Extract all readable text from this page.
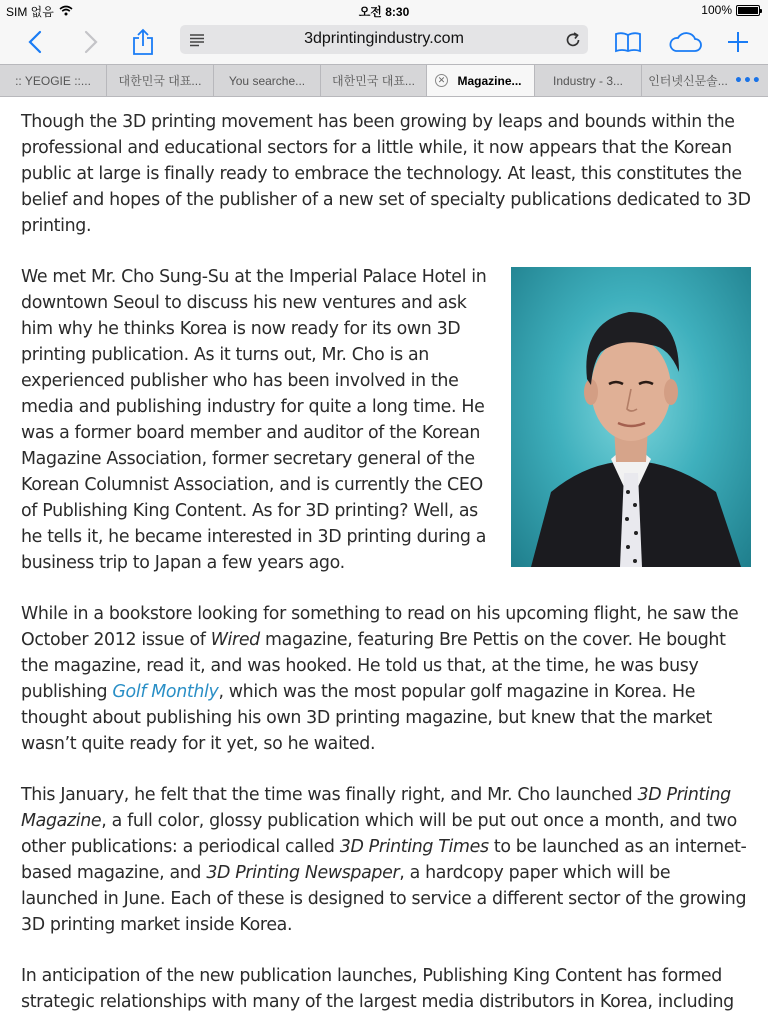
SIM 없음	오전 8:30	100%
3dprintingindustry.com
:: YEOGIE ::... 대한민국 대표... You searche... 대한민국 대표...	✕ Magazine...	Industry - 3... 인터넷신문솔... •••

Though the 3D printing movement has been growing by leaps and bounds within the professional and educational sectors for a little while, it now appears that the Korean public at large is finally ready to embrace the technology. At least, this constitutes the belief and hopes of the publisher of a new set of specialty publications dedicated to 3D printing.

We met Mr. Cho Sung-Su at the Imperial Palace Hotel in downtown Seoul to discuss his new ventures and ask him why he thinks Korea is now ready for its own 3D printing publication. As it turns out, Mr. Cho is an experienced publisher who has been involved in the media and publishing industry for quite a long time. He was a former board member and auditor of the Korean Magazine Association, former secretary general of the Korean Columnist Association, and is currently the CEO of Publishing King Content. As for 3D printing? Well, as he tells it, he became interested in 3D printing during a business trip to Japan a few years ago.

While in a bookstore looking for something to read on his upcoming flight, he saw the October 2012 issue of Wired magazine, featuring Bre Pettis on the cover. He bought the magazine, read it, and was hooked. He told us that, at the time, he was busy publishing Golf Monthly, which was the most popular golf magazine in Korea. He thought about publishing his own 3D printing magazine, but knew that the market wasn’t quite ready for it yet, so he waited.

This January, he felt that the time was finally right, and Mr. Cho launched 3D Printing Magazine, a full color, glossy publication which will be put out once a month, and two other publications: a periodical called 3D Printing Times to be launched as an internet-based magazine, and 3D Printing Newspaper, a hardcopy paper which will be launched in June. Each of these is designed to service a different sector of the growing 3D printing market inside Korea.

In anticipation of the new publication launches, Publishing King Content has formed strategic relationships with many of the largest media distributors in Korea, including
